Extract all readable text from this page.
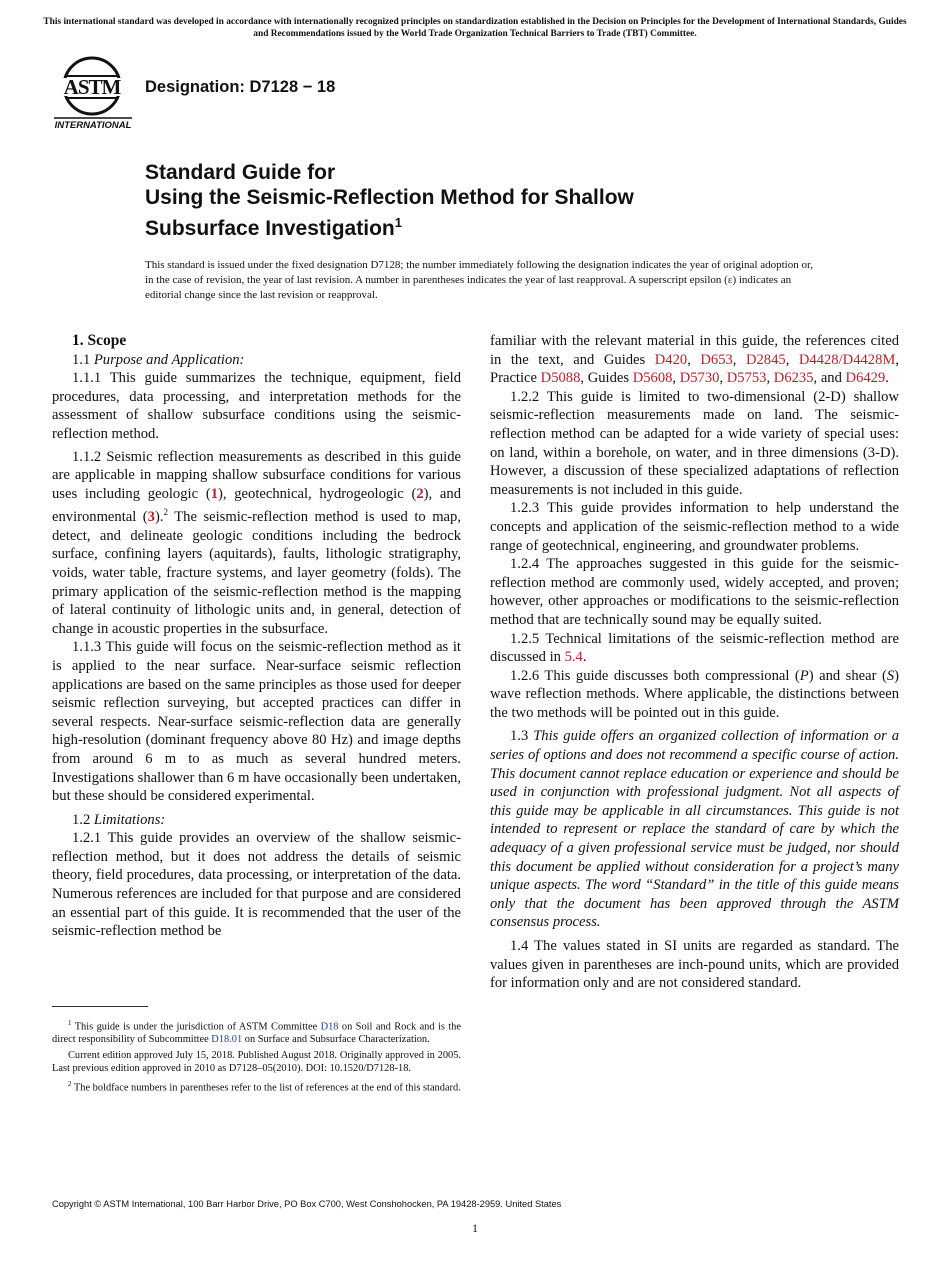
This international standard was developed in accordance with internationally recognized principles on standardization established in the Decision on Principles for the Development of International Standards, Guides and Recommendations issued by the World Trade Organization Technical Barriers to Trade (TBT) Committee.
ASTM
INTERNATIONAL
Designation: D7128 − 18
Standard Guide for
Using the Seismic-Reflection Method for Shallow
Subsurface Investigation$^1$
This standard is issued under the fixed designation D7128; the number immediately following the designation indicates the year of original adoption or, in the case of revision, the year of last revision. A number in parentheses indicates the year of last reapproval. A superscript epsilon (ε) indicates an editorial change since the last revision or reapproval.

1. Scope

1.1 Purpose and Application:

1.1.1 This guide summarizes the technique, equipment, field procedures, data processing, and interpretation methods for the assessment of shallow subsurface conditions using the seismic-reflection method.

1.1.2 Seismic reflection measurements as described in this guide are applicable in mapping shallow subsurface conditions for various uses including geologic (1), geotechnical, hydrogeologic (2), and environmental (3).$^2$ The seismic-reflection method is used to map, detect, and delineate geologic conditions including the bedrock surface, confining layers (aquitards), faults, lithologic stratigraphy, voids, water table, fracture systems, and layer geometry (folds). The primary application of the seismic-reflection method is the mapping of lateral continuity of lithologic units and, in general, detection of change in acoustic properties in the subsurface.

1.1.3 This guide will focus on the seismic-reflection method as it is applied to the near surface. Near-surface seismic reflection applications are based on the same principles as those used for deeper seismic reflection surveying, but accepted practices can differ in several respects. Near-surface seismic-reflection data are generally high-resolution (dominant frequency above 80 Hz) and image depths from around 6 m to as much as several hundred meters. Investigations shallower than 6 m have occasionally been undertaken, but these should be considered experimental.

1.2 Limitations:

1.2.1 This guide provides an overview of the shallow seismic-reflection method, but it does not address the details of seismic theory, field procedures, data processing, or interpretation of the data. Numerous references are included for that purpose and are considered an essential part of this guide. It is recommended that the user of the seismic-reflection method be

familiar with the relevant material in this guide, the references cited in the text, and Guides D420, D653, D2845, D4428/D4428M, Practice D5088, Guides D5608, D5730, D5753, D6235, and D6429.

1.2.2 This guide is limited to two-dimensional (2-D) shallow seismic-reflection measurements made on land. The seismic-reflection method can be adapted for a wide variety of special uses: on land, within a borehole, on water, and in three dimensions (3-D). However, a discussion of these specialized adaptations of reflection measurements is not included in this guide.

1.2.3 This guide provides information to help understand the concepts and application of the seismic-reflection method to a wide range of geotechnical, engineering, and groundwater problems.

1.2.4 The approaches suggested in this guide for the seismic-reflection method are commonly used, widely accepted, and proven; however, other approaches or modifications to the seismic-reflection method that are technically sound may be equally suited.

1.2.5 Technical limitations of the seismic-reflection method are discussed in 5.4.

1.2.6 This guide discusses both compressional (P) and shear (S) wave reflection methods. Where applicable, the distinctions between the two methods will be pointed out in this guide.

1.3 This guide offers an organized collection of information or a series of options and does not recommend a specific course of action. This document cannot replace education or experience and should be used in conjunction with professional judgment. Not all aspects of this guide may be applicable in all circumstances. This guide is not intended to represent or replace the standard of care by which the adequacy of a given professional service must be judged, nor should this document be applied without consideration for a project’s many unique aspects. The word “Standard” in the title of this guide means only that the document has been approved through the ASTM consensus process.

1.4 The values stated in SI units are regarded as standard. The values given in parentheses are inch-pound units, which are provided for information only and are not considered standard.

$^1$ This guide is under the jurisdiction of ASTM Committee D18 on Soil and Rock and is the direct responsibility of Subcommittee D18.01 on Surface and Subsurface Characterization.

Current edition approved July 15, 2018. Published August 2018. Originally approved in 2005. Last previous edition approved in 2010 as D7128–05(2010). DOI: 10.1520/D7128-18.

$^2$ The boldface numbers in parentheses refer to the list of references at the end of this standard.

Copyright © ASTM International, 100 Barr Harbor Drive, PO Box C700, West Conshohocken, PA 19428-2959. United States
1
